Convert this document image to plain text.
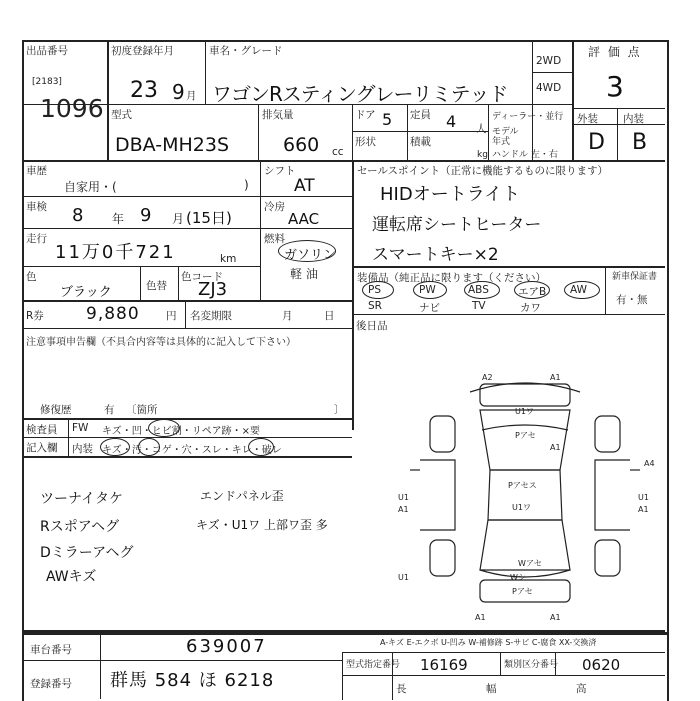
出品番号
[2183]
1096
初度登録年月
23 9 月
車名・グレード
ワゴンRスティングレーリミテッド
2WD
4WD
評 価 点
3
型式
DBA-MH23S
排気量
660 cc
ドア 5 定員 4 人
形状	積載
kg
ディーラー・並行
モデル
年式
ハンドル 左・右
外装 内装
D B
車歴
自家用・(	)
シフト
AT
車検 8 年 9 月 (15日)
冷房
AAC
走行
11万0千721	km
燃料
ガソリン
軽 油
色
ブラック	色替
色コード
ZJ3
R券 9,880	円 名変期限	月	日
注意事項申告欄（不具合内容等は具体的に記入して下さい）
修復歴	有 〔箇所	〕
検査員
記入欄
FW キズ・凹・ヒビ割・リペア跡・×要
内装 キズ・汚・コゲ・穴・スレ・キレ・破レ
セールスポイント（正常に機能するものに限ります）
HIDオートライト
運転席シートヒーター
スマートキー×2
装備品（純正品に限ります（ください）
PS	PW	ABS	エアB AW
SR	ナビ	TV	カワ
新車保証書
有・無
後日品
ツーナイタケ
Rスポアヘグ
Dミラーアヘグ
AWキズ
エンドパネル歪
キズ・U1ワ 上部ワ歪 多
A2	A1
U1ワ
Pアセ
A1
A4
U1
A1
Pアセス
U1ワ
Wアセ
U1
A1
Wシ
Pアセ
U1
A1	A1
A-キズ E-エクボ U-凹み W-補修跡 S-サビ C-腐食 XX-交換済
車台番号	639007
登録番号 群馬 584 ほ 6218
型式指定番号 16169	類別区分番号 0620
長	幅	高
